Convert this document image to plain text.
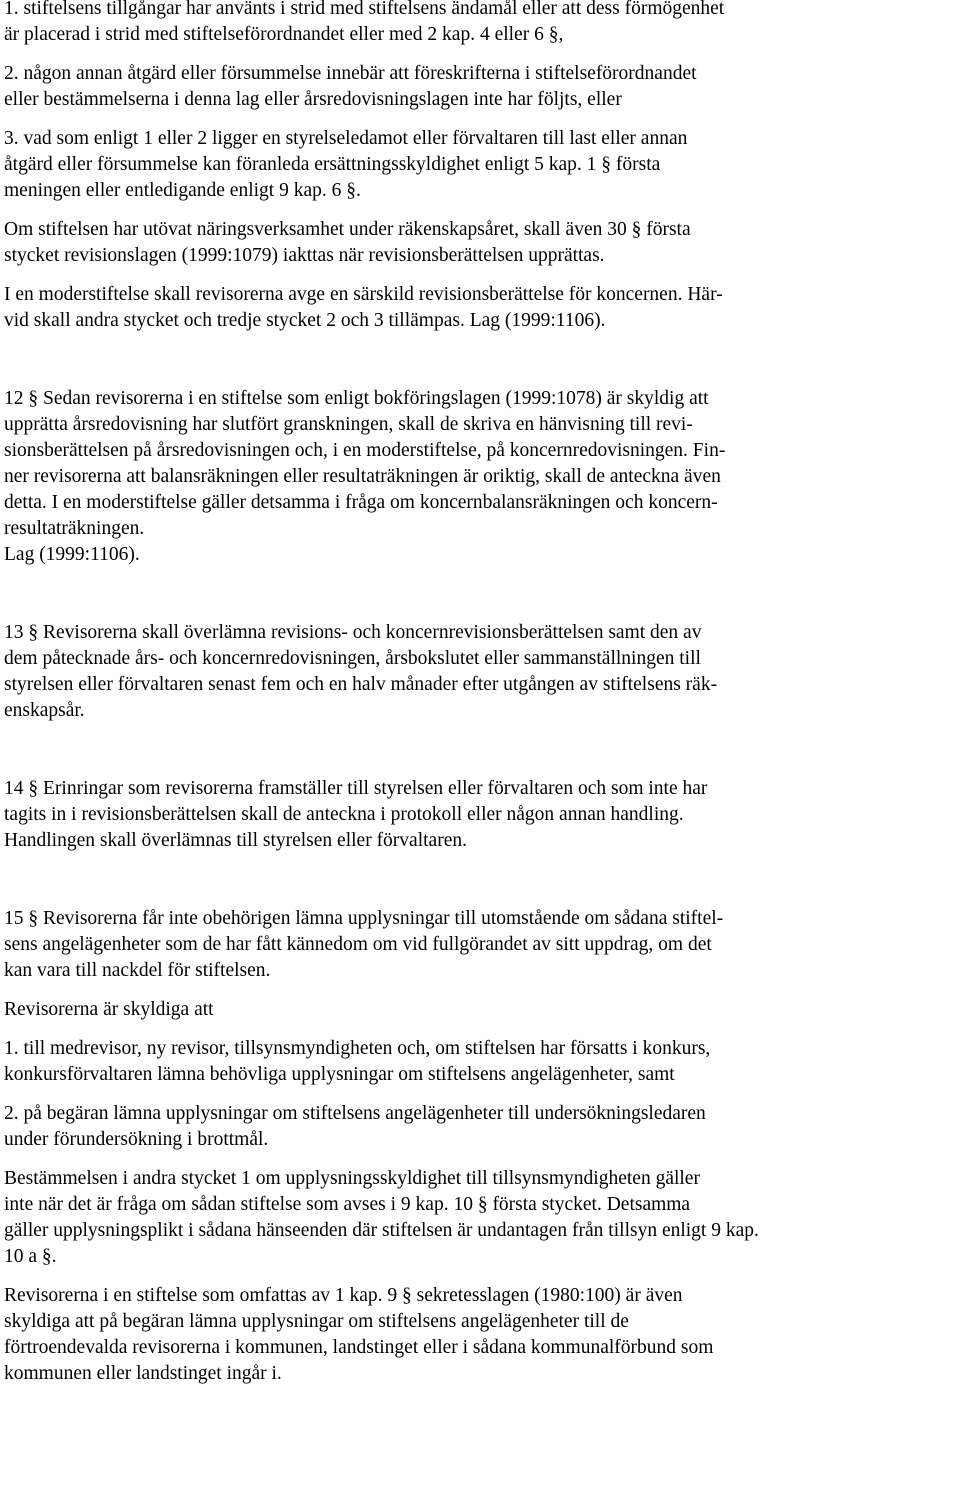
1. stiftelsens tillgångar har använts i strid med stiftelsens ändamål eller att dess förmögenhet
är placerad i strid med stiftelseförordnandet eller med 2 kap. 4 eller 6 §,

2. någon annan åtgärd eller försummelse innebär att föreskrifterna i stiftelseförordnandet
eller bestämmelserna i denna lag eller årsredovisningslagen inte har följts, eller

3. vad som enligt 1 eller 2 ligger en styrelseledamot eller förvaltaren till last eller annan
åtgärd eller försummelse kan föranleda ersättningsskyldighet enligt 5 kap. 1 § första
meningen eller entledigande enligt 9 kap. 6 §.

Om stiftelsen har utövat näringsverksamhet under räkenskapsåret, skall även 30 § första
stycket revisionslagen (1999:1079) iakttas när revisionsberättelsen upprättas.

I en moderstiftelse skall revisorerna avge en särskild revisionsberättelse för koncernen. Här-
vid skall andra stycket och tredje stycket 2 och 3 tillämpas. Lag (1999:1106).

12 § Sedan revisorerna i en stiftelse som enligt bokföringslagen (1999:1078) är skyldig att
upprätta årsredovisning har slutfört granskningen, skall de skriva en hänvisning till revi-
sionsberättelsen på årsredovisningen och, i en moderstiftelse, på koncernredovisningen. Fin-
ner revisorerna att balansräkningen eller resultaträkningen är oriktig, skall de anteckna även
detta. I en moderstiftelse gäller detsamma i fråga om koncernbalansräkningen och koncern-
resultaträkningen.
Lag (1999:1106).

13 § Revisorerna skall överlämna revisions- och koncernrevisionsberättelsen samt den av
dem påtecknade års- och koncernredovisningen, årsbokslutet eller sammanställningen till
styrelsen eller förvaltaren senast fem och en halv månader efter utgången av stiftelsens räk-
enskapsår.

14 § Erinringar som revisorerna framställer till styrelsen eller förvaltaren och som inte har
tagits in i revisionsberättelsen skall de anteckna i protokoll eller någon annan handling.
Handlingen skall överlämnas till styrelsen eller förvaltaren.

15 § Revisorerna får inte obehörigen lämna upplysningar till utomstående om sådana stiftel-
sens angelägenheter som de har fått kännedom om vid fullgörandet av sitt uppdrag, om det
kan vara till nackdel för stiftelsen.

Revisorerna är skyldiga att

1. till medrevisor, ny revisor, tillsynsmyndigheten och, om stiftelsen har försatts i konkurs,
konkursförvaltaren lämna behövliga upplysningar om stiftelsens angelägenheter, samt

2. på begäran lämna upplysningar om stiftelsens angelägenheter till undersökningsledaren
under förundersökning i brottmål.

Bestämmelsen i andra stycket 1 om upplysningsskyldighet till tillsynsmyndigheten gäller
inte när det är fråga om sådan stiftelse som avses i 9 kap. 10 § första stycket. Detsamma
gäller upplysningsplikt i sådana hänseenden där stiftelsen är undantagen från tillsyn enligt 9 kap.
10 a §.

Revisorerna i en stiftelse som omfattas av 1 kap. 9 § sekretesslagen (1980:100) är även
skyldiga att på begäran lämna upplysningar om stiftelsens angelägenheter till de
förtroendevalda revisorerna i kommunen, landstinget eller i sådana kommunalförbund som
kommunen eller landstinget ingår i.
